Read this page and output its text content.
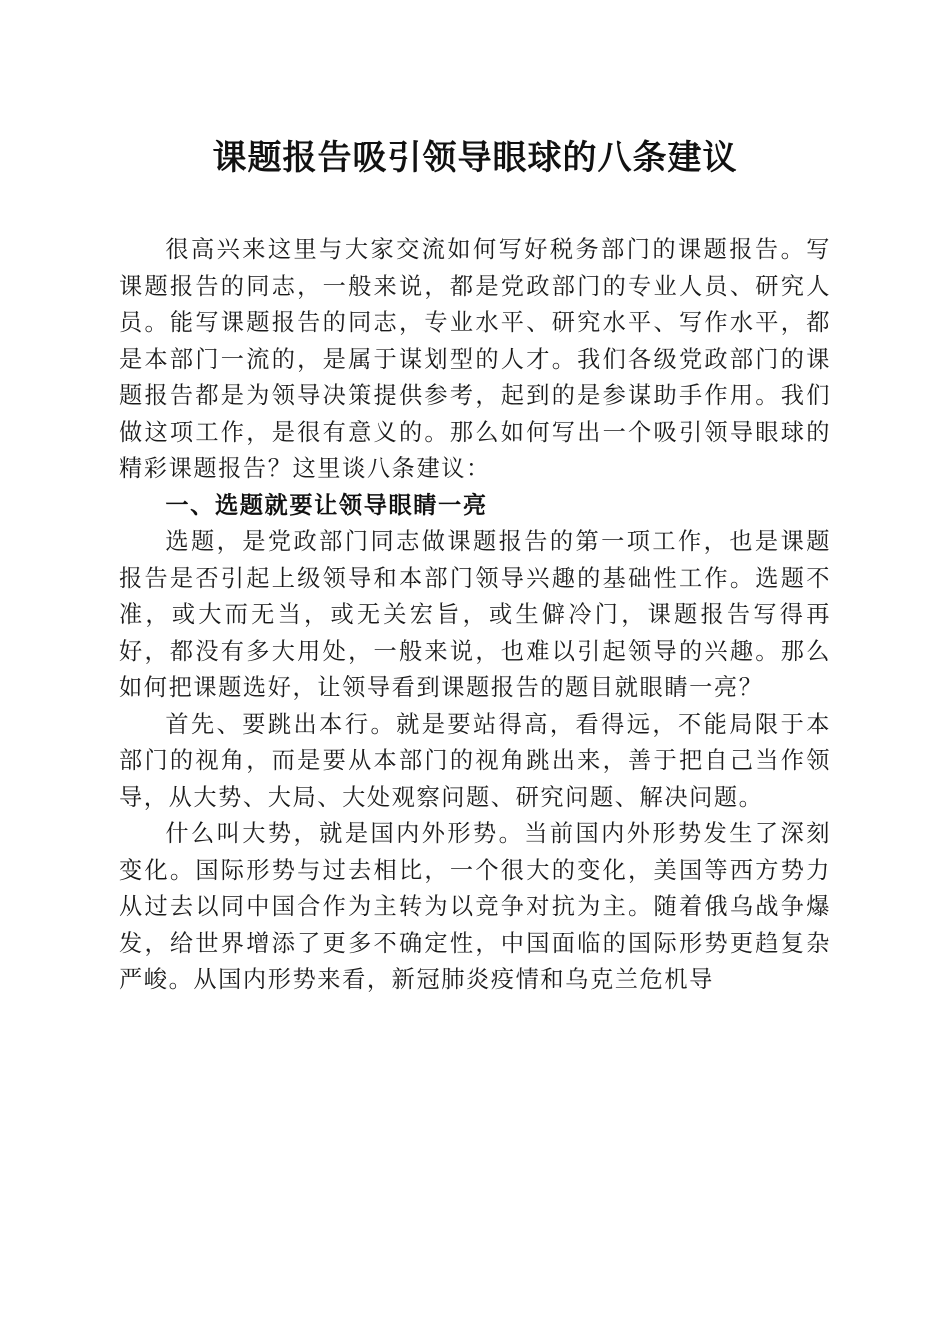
课题报告吸引领导眼球的八条建议

很高兴来这里与大家交流如何写好税务部门的课题报告。写课题报告的同志，一般来说，都是党政部门的专业人员、研究人员。能写课题报告的同志，专业水平、研究水平、写作水平，都是本部门一流的，是属于谋划型的人才。我们各级党政部门的课题报告都是为领导决策提供参考，起到的是参谋助手作用。我们做这项工作，是很有意义的。那么如何写出一个吸引领导眼球的精彩课题报告？这里谈八条建议：

一、选题就要让领导眼睛一亮

选题，是党政部门同志做课题报告的第一项工作，也是课题报告是否引起上级领导和本部门领导兴趣的基础性工作。选题不准，或大而无当，或无关宏旨，或生僻冷门，课题报告写得再好，都没有多大用处，一般来说，也难以引起领导的兴趣。那么如何把课题选好，让领导看到课题报告的题目就眼睛一亮？

首先、要跳出本行。就是要站得高，看得远，不能局限于本部门的视角，而是要从本部门的视角跳出来，善于把自己当作领导，从大势、大局、大处观察问题、研究问题、解决问题。

什么叫大势，就是国内外形势。当前国内外形势发生了深刻变化。国际形势与过去相比，一个很大的变化，美国等西方势力从过去以同中国合作为主转为以竞争对抗为主。随着俄乌战争爆发，给世界增添了更多不确定性，中国面临的国际形势更趋复杂严峻。从国内形势来看，新冠肺炎疫情和乌克兰危机导
